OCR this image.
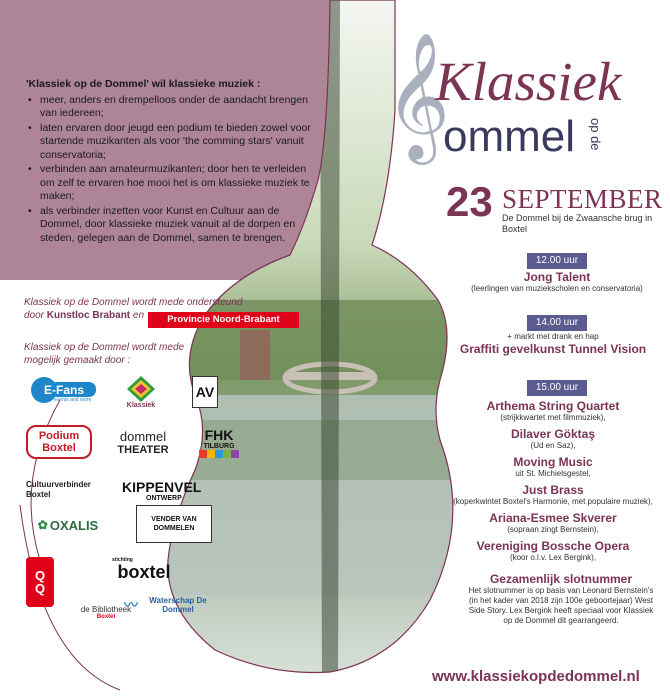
'Klassiek op de Dommel' wil klassieke muziek :
• meer, anders en drempelloos onder de aandacht brengen van iedereen;
• laten ervaren door jeugd een podium te bieden zowel voor startende muzikanten als voor 'the comming stars' vanuit conservatoria;
• verbinden aan amateurmuzikanten; door hen te verleiden om zelf te ervaren hoe mooi het is om klassieke muziek te maken;
• als verbinder inzetten voor Kunst en Cultuur aan de Dommel, door klassieke muziek vanuit al de dorpen en steden, gelegen aan de Dommel, samen te brengen.
Klassiek op de Dommel wordt mede ondersteund
door Kunstloc Brabant en	Provincie Noord-Brabant
Klassiek op de Dommel wordt mede mogelijk gemaakt door :
E-Fans
events and more
Klassiek
AV
Podium Boxtel
dommel
THEATER
FHK
TILBURG
Cultuurverbinder Boxtel	KIPPENVEL
ONTWERP
✿ OXALIS	VENDER VAN DOMMELEN
Q
Q
stichting
boxtel
de Bibliotheek
Boxtel
〰	Waterschap De Dommel
𝄞
Klassiek
ommel op de
23 SEPTEMBER
De Dommel bij de Zwaansche brug in Boxtel
12.00 uur
Jong Talent
(leerlingen van muziekscholen en conservatoria)
14.00 uur
+ markt met drank en hap
Graffiti gevelkunst Tunnel Vision
15.00 uur
Arthema String Quartet
(strijkkwartet met filmmuziek),
Dilaver Göktaş
(Ud en Saz),
Moving Music
uit St. Michielsgestel,
Just Brass
(koperkwintet Boxtel's Harmonie, met populaire muziek),
Ariana-Esmee Skverer
(sopraan zingt Bernstein),
Vereniging Bossche Opera
(koor o.l.v. Lex Bergink),
Gezamenlijk slotnummer
Het slotnummer is op basis van Leonard Bernstein's (in het kader van 2018 zijn 100e geboortejaar) West Side Story. Lex Bergink heeft speciaal voor Klassiek op de Dommel dit gearrangeerd.
foto: Johan van Gurp/AvenveyBD
www.klassiekopdedommel.nl
